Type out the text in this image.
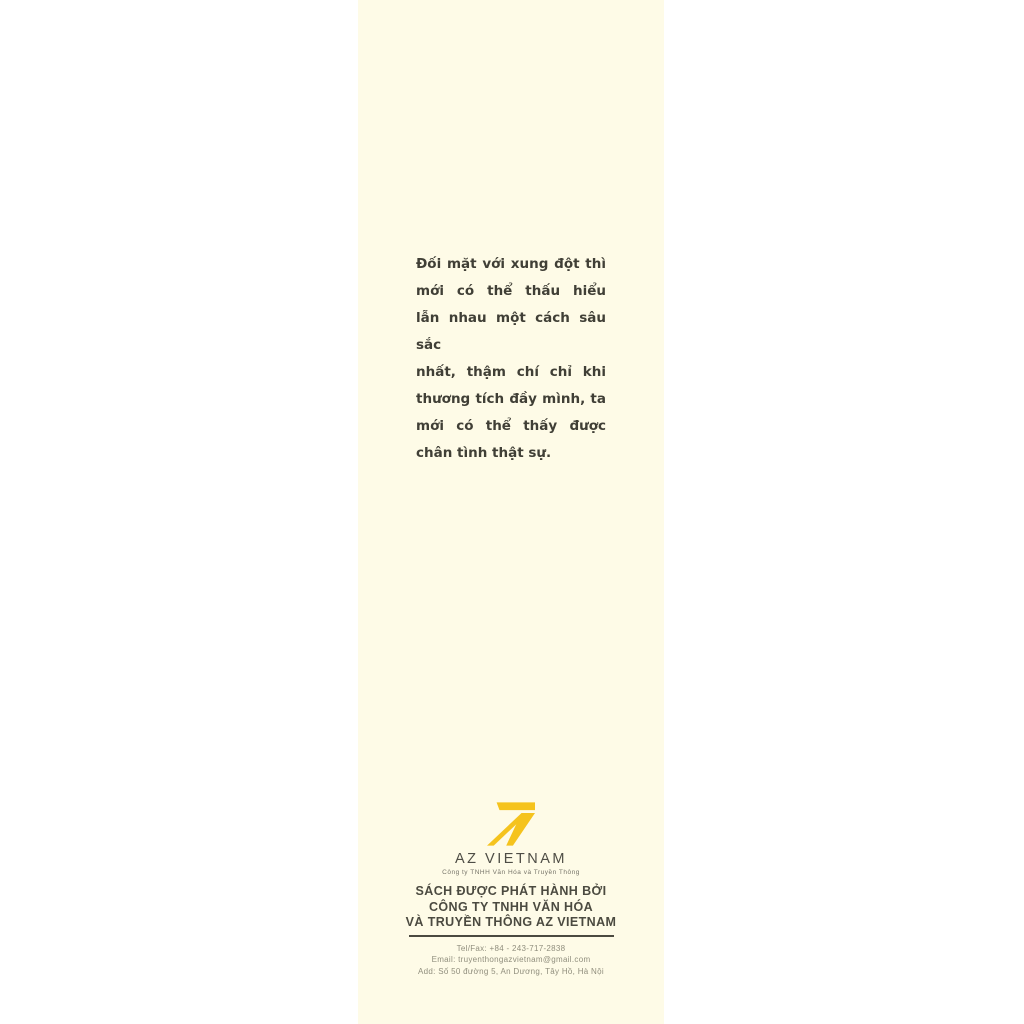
Đối mặt với xung đột thì
mới có thể thấu hiểu
lẫn nhau một cách sâu sắc
nhất, thậm chí chỉ khi
thương tích đầy mình, ta
mới có thể thấy được
chân tình thật sự.
AZ VIETNAM
Công ty TNHH Văn Hóa và Truyền Thông
SÁCH ĐƯỢC PHÁT HÀNH BỞI
CÔNG TY TNHH VĂN HÓA
VÀ TRUYỀN THÔNG AZ VIETNAM
Tel/Fax: +84 - 243-717-2838
Email: truyenthongazvietnam@gmail.com
Add: Số 50 đường 5, An Dương, Tây Hồ, Hà Nội
